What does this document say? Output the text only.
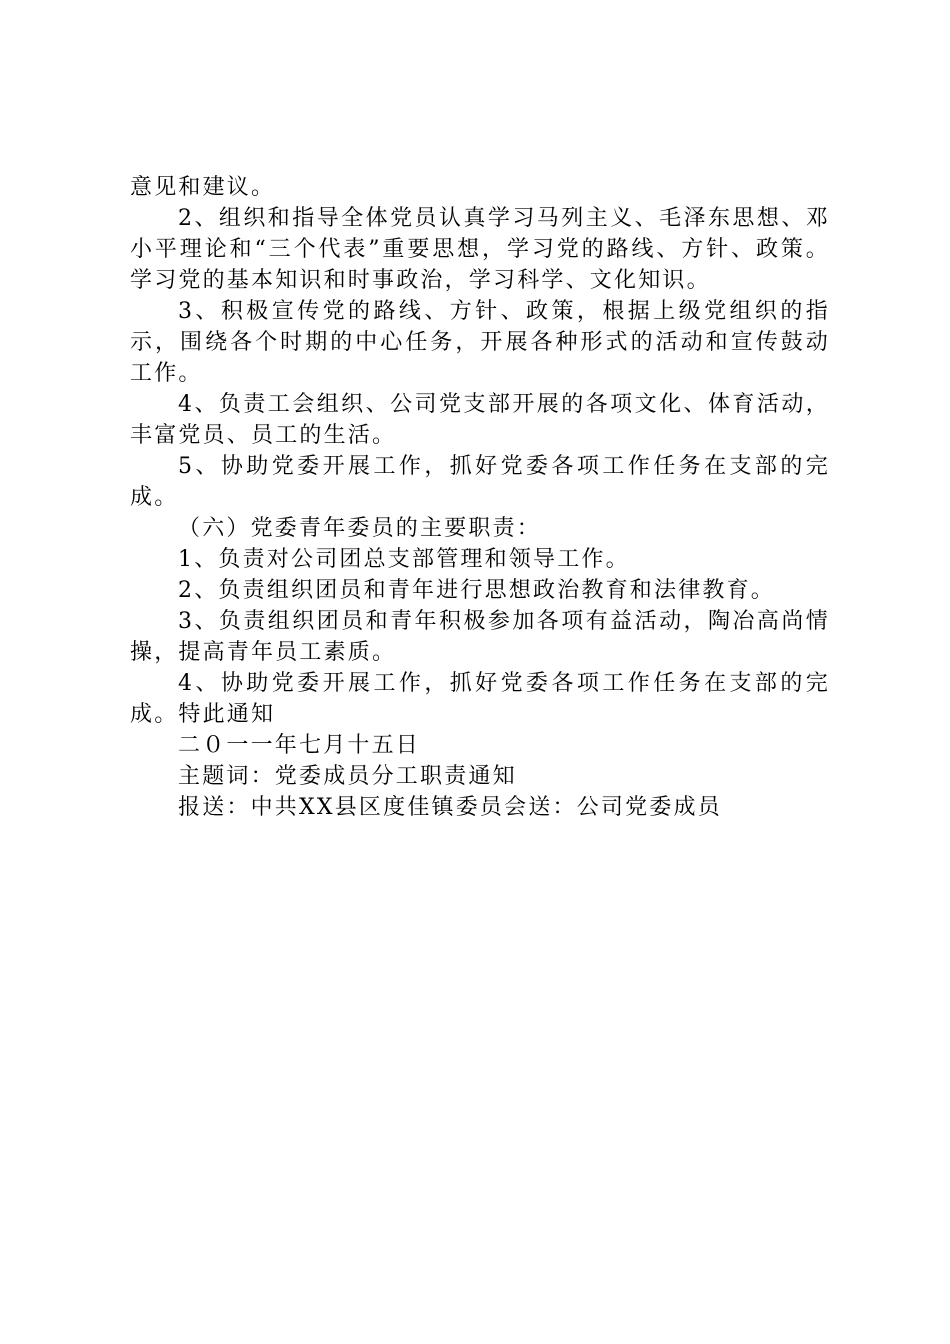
意见和建议。

2、组织和指导全体党员认真学习马列主义、毛泽东思想、邓小平理论和“三个代表”重要思想，学习党的路线、方针、政策。学习党的基本知识和时事政治，学习科学、文化知识。

3、积极宣传党的路线、方针、政策，根据上级党组织的指示，围绕各个时期的中心任务，开展各种形式的活动和宣传鼓动工作。

4、负责工会组织、公司党支部开展的各项文化、体育活动，丰富党员、员工的生活。

5、协助党委开展工作，抓好党委各项工作任务在支部的完成。

（六）党委青年委员的主要职责：

1、负责对公司团总支部管理和领导工作。

2、负责组织团员和青年进行思想政治教育和法律教育。

3、负责组织团员和青年积极参加各项有益活动，陶冶高尚情操，提高青年员工素质。

4、协助党委开展工作，抓好党委各项工作任务在支部的完成。特此通知

二０一一年七月十五日

主题词：党委成员分工职责通知

报送：中共XX县区度佳镇委员会送：公司党委成员
